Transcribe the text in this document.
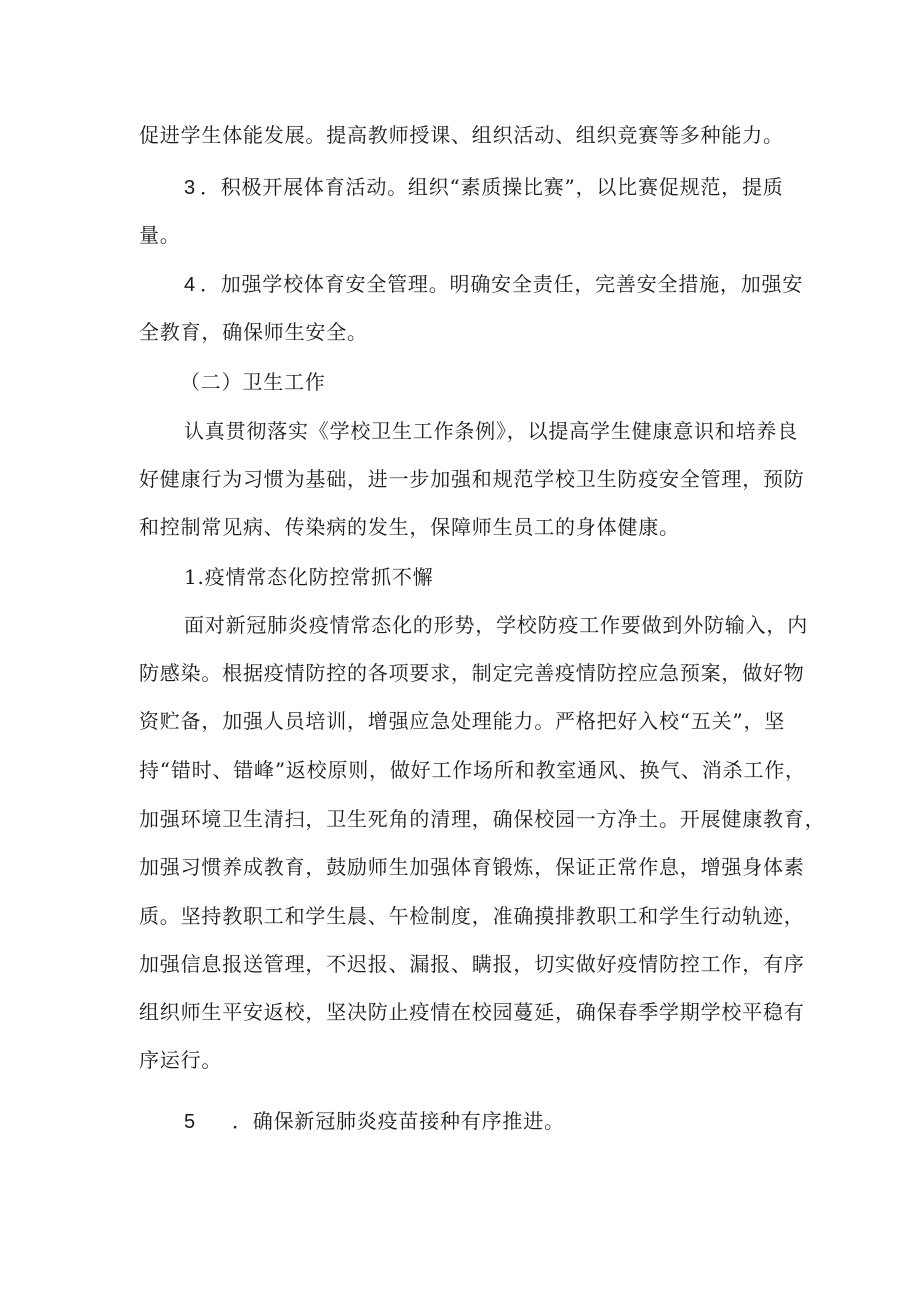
促进学生体能发展。提高教师授课、组织活动、组织竞赛等多种能力。
3 ．积极开展体育活动。组织“素质操比赛”，以比赛促规范，提质
量。
4 ．加强学校体育安全管理。明确安全责任，完善安全措施，加强安
全教育，确保师生安全。
（二）卫生工作
认真贯彻落实《学校卫生工作条例》，以提高学生健康意识和培养良
好健康行为习惯为基础，进一步加强和规范学校卫生防疫安全管理，预防
和控制常见病、传染病的发生，保障师生员工的身体健康。
1.疫情常态化防控常抓不懈
面对新冠肺炎疫情常态化的形势，学校防疫工作要做到外防输入，内
防感染。根据疫情防控的各项要求，制定完善疫情防控应急预案，做好物
资贮备，加强人员培训，增强应急处理能力。严格把好入校“五关”，坚
持“错时、错峰”返校原则，做好工作场所和教室通风、换气、消杀工作，
加强环境卫生清扫，卫生死角的清理，确保校园一方净土。开展健康教育，
加强习惯养成教育，鼓励师生加强体育锻炼，保证正常作息，增强身体素
质。坚持教职工和学生晨、午检制度，准确摸排教职工和学生行动轨迹，
加强信息报送管理，不迟报、漏报、瞒报，切实做好疫情防控工作，有序
组织师生平安返校，坚决防止疫情在校园蔓延，确保春季学期学校平稳有
序运行。
5 ．确保新冠肺炎疫苗接种有序推进。
